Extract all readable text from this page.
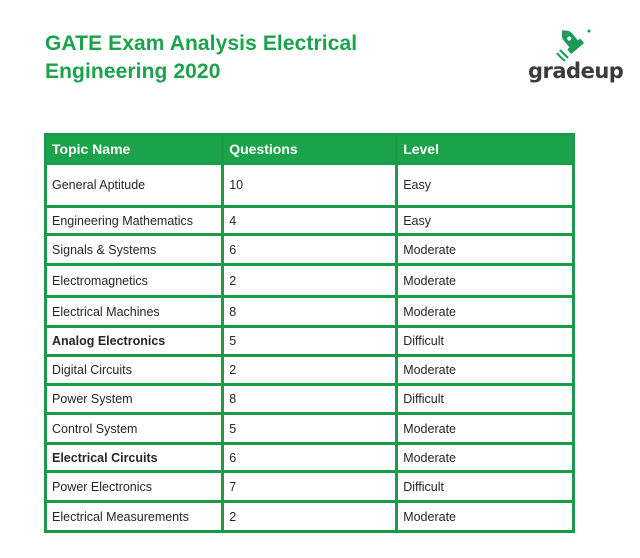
GATE Exam Analysis Electrical
Engineering 2020	gradeup
Topic Name	Questions	Level
General Aptitude	10	Easy
Engineering Mathematics	4	Easy
Signals & Systems	6	Moderate
Electromagnetics	2	Moderate
Electrical Machines	8	Moderate
Analog Electronics	5	Difficult
Digital Circuits	2	Moderate
Power System	8	Difficult
Control System	5	Moderate
Electrical Circuits	6	Moderate
Power Electronics	7	Difficult
Electrical Measurements	2	Moderate
